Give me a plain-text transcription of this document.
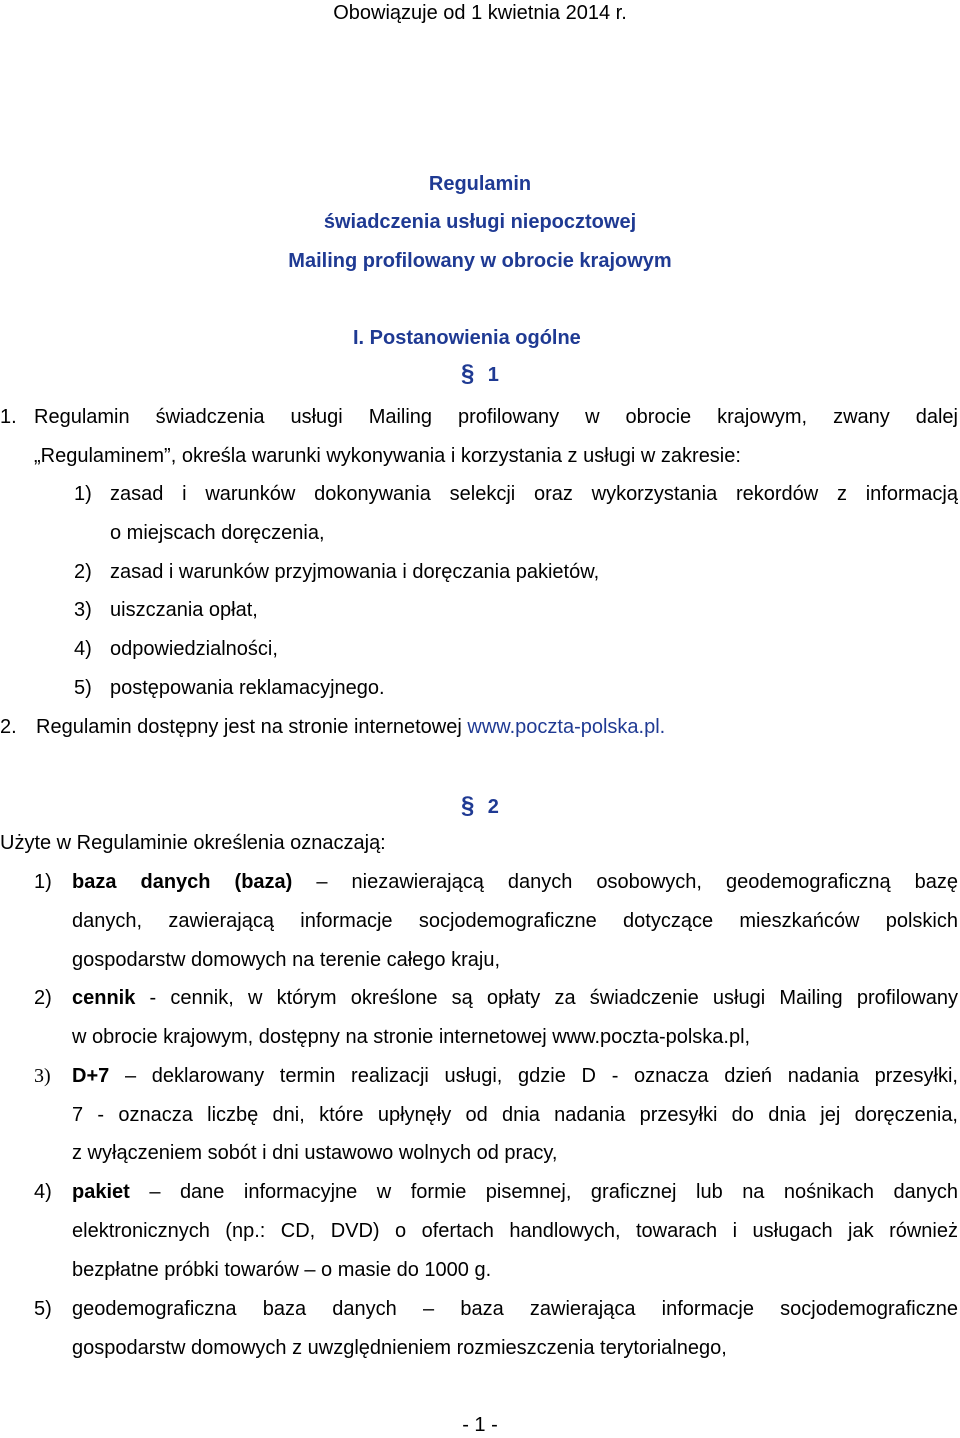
Obowiązuje od 1 kwietnia 2014 r.
Regulamin
świadczenia usługi niepocztowej
Mailing profilowany w obrocie krajowym
I. Postanowienia ogólne
§ 1
1. Regulamin świadczenia usługi Mailing profilowany w obrocie krajowym, zwany dalej
„Regulaminem”, określa warunki wykonywania i korzystania z usługi w zakresie:
1) zasad i warunków dokonywania selekcji oraz wykorzystania rekordów z informacją
o miejscach doręczenia,
2) zasad i warunków przyjmowania i doręczania pakietów,
3) uiszczania opłat,
4) odpowiedzialności,
5) postępowania reklamacyjnego.
2. Regulamin dostępny jest na stronie internetowej www.poczta-polska.pl.
§ 2
Użyte w Regulaminie określenia oznaczają:
1) baza danych (baza) – niezawierającą danych osobowych, geodemograficzną bazę
danych, zawierającą informacje socjodemograficzne dotyczące mieszkańców polskich
gospodarstw domowych na terenie całego kraju,
2) cennik - cennik, w którym określone są opłaty za świadczenie usługi Mailing profilowany
w obrocie krajowym, dostępny na stronie internetowej www.poczta-polska.pl,
3) D+7 – deklarowany termin realizacji usługi, gdzie D - oznacza dzień nadania przesyłki,
7 - oznacza liczbę dni, które upłynęły od dnia nadania przesyłki do dnia jej doręczenia,
z wyłączeniem sobót i dni ustawowo wolnych od pracy,
4) pakiet – dane informacyjne w formie pisemnej, graficznej lub na nośnikach danych
elektronicznych (np.: CD, DVD) o ofertach handlowych, towarach i usługach jak również
bezpłatne próbki towarów – o masie do 1000 g.
5) geodemograficzna baza danych – baza zawierająca informacje socjodemograficzne
gospodarstw domowych z uwzględnieniem rozmieszczenia terytorialnego,
- 1 -
